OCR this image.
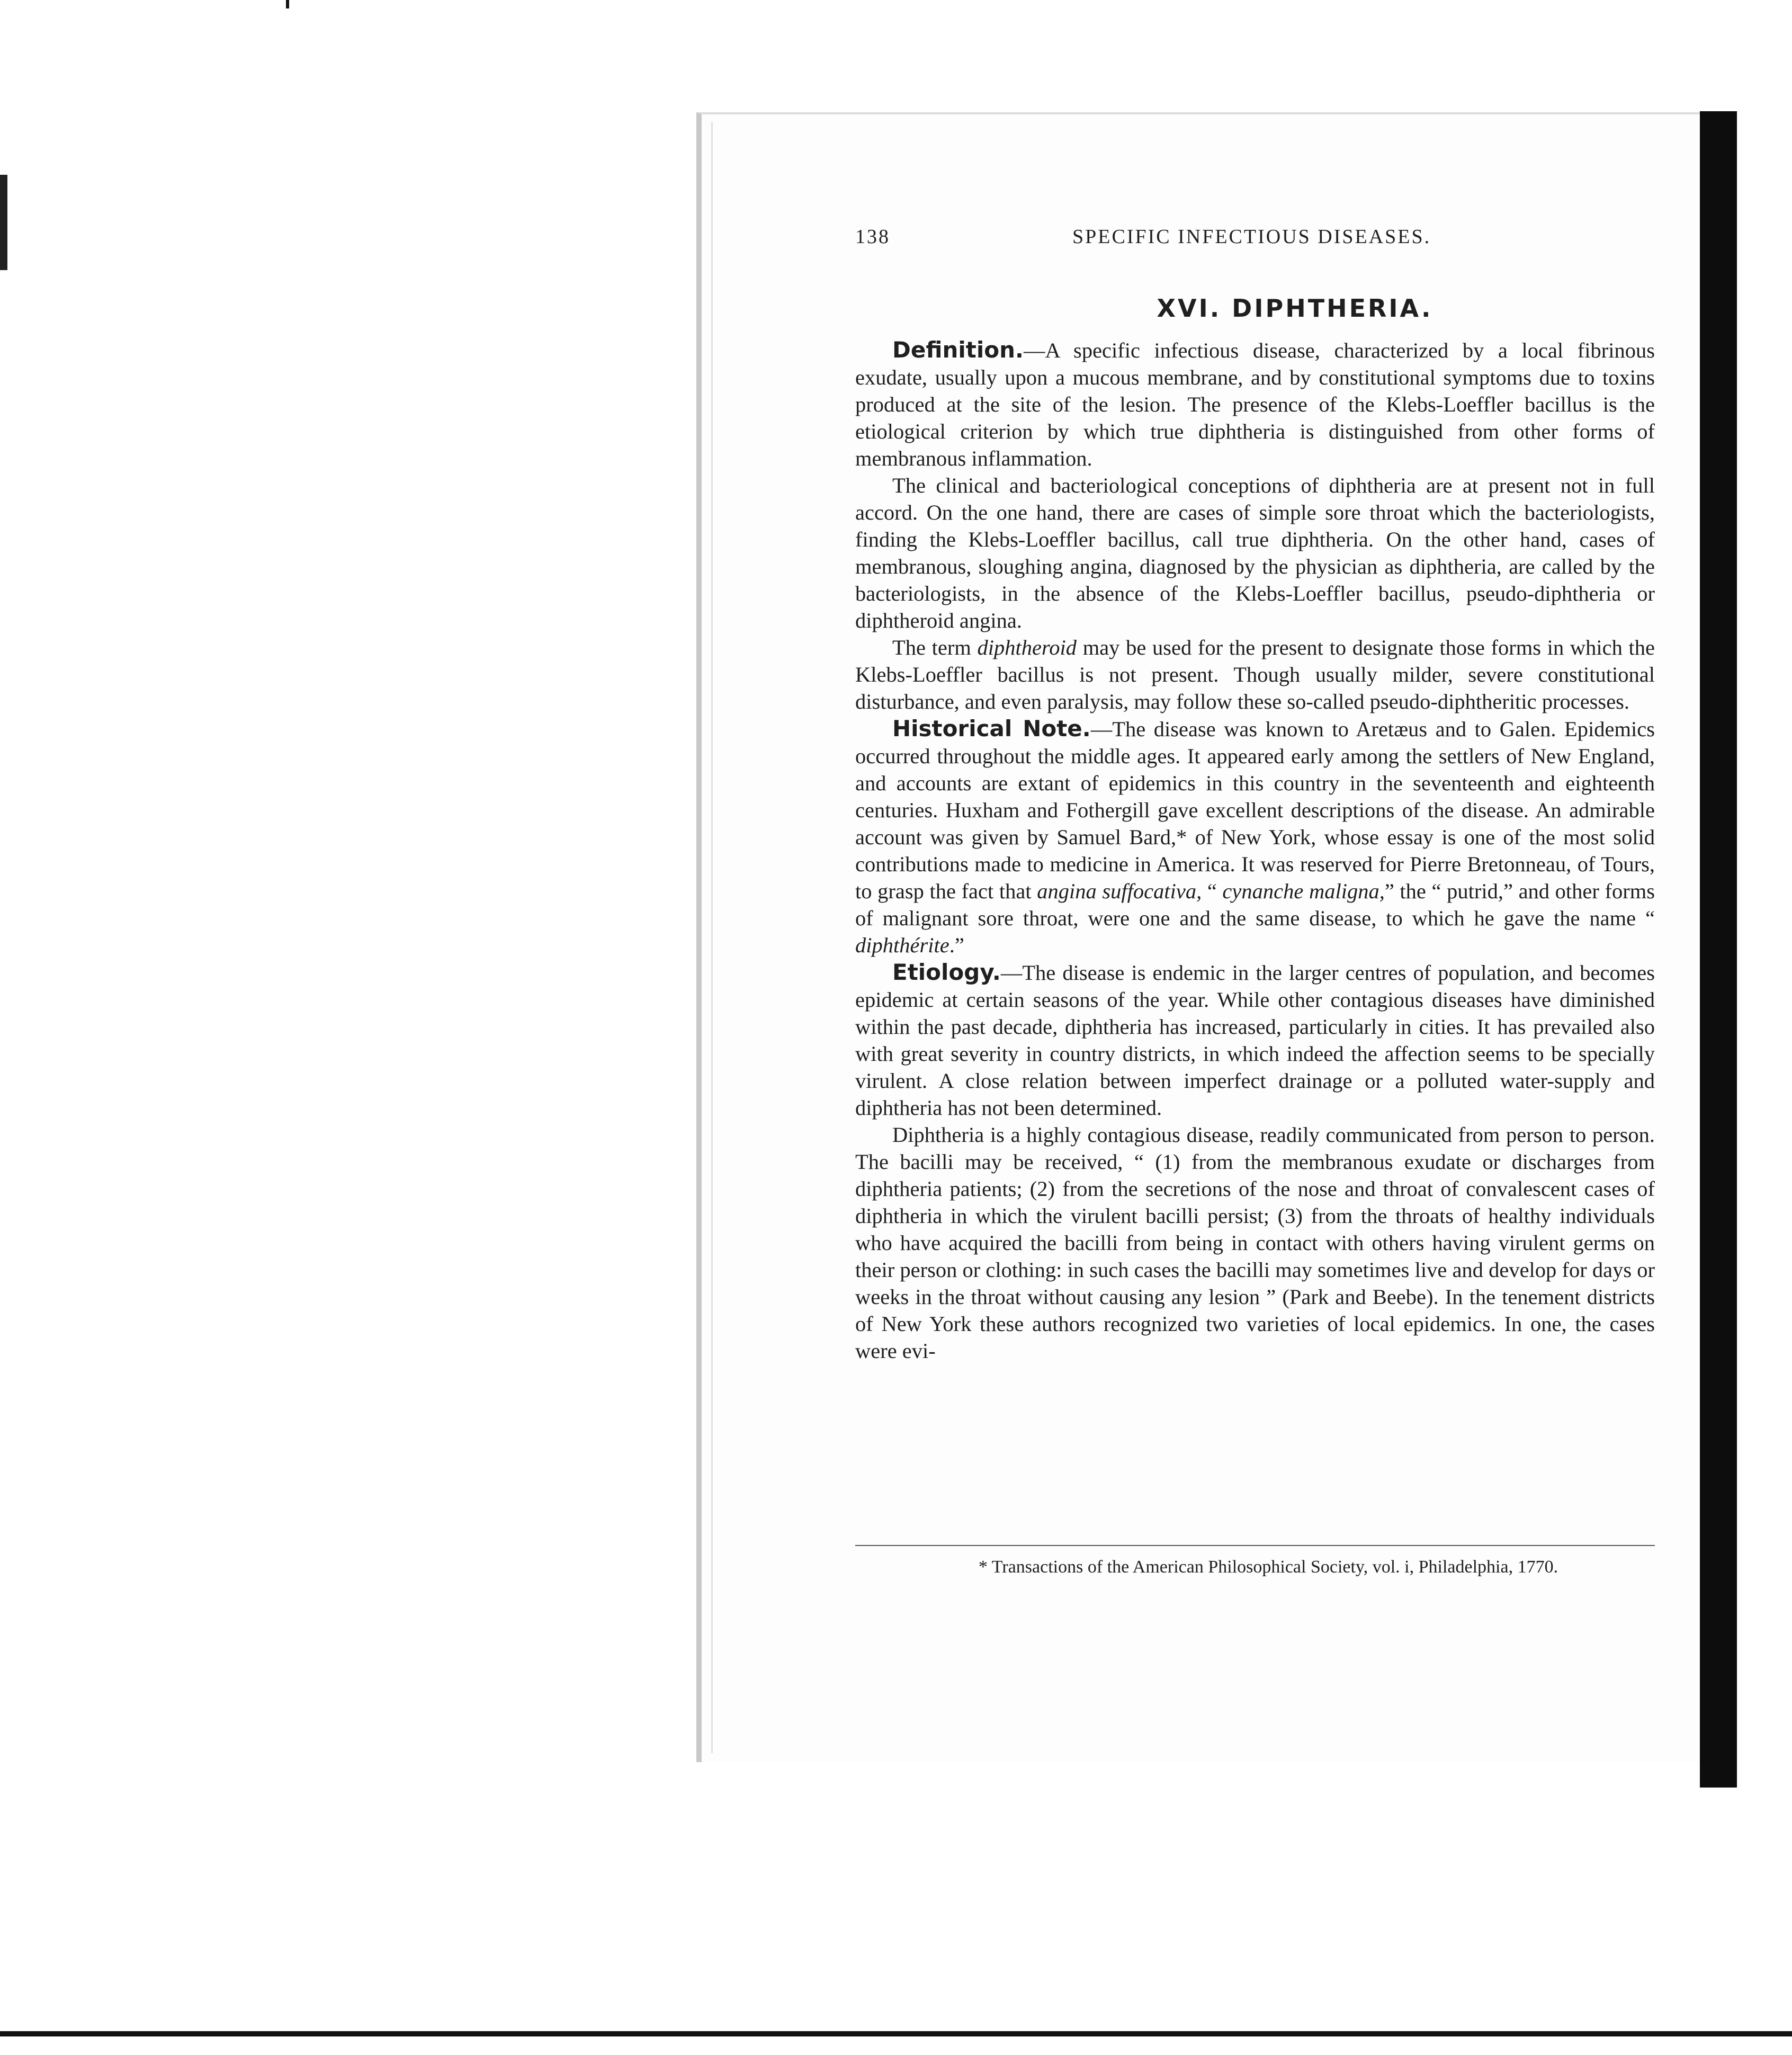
138	SPECIFIC INFECTIOUS DISEASES.
XVI. DIPHTHERIA.

Definition.—A specific infectious disease, characterized by a local fibrinous exudate, usually upon a mucous membrane, and by constitutional symptoms due to toxins produced at the site of the lesion. The presence of the Klebs-Loeffler bacillus is the etiological criterion by which true diphtheria is distinguished from other forms of membranous inflammation.

The clinical and bacteriological conceptions of diphtheria are at present not in full accord. On the one hand, there are cases of simple sore throat which the bacteriologists, finding the Klebs-Loeffler bacillus, call true diphtheria. On the other hand, cases of membranous, sloughing angina, diagnosed by the physician as diphtheria, are called by the bacteriologists, in the absence of the Klebs-Loeffler bacillus, pseudo-diphtheria or diphtheroid angina.

The term diphtheroid may be used for the present to designate those forms in which the Klebs-Loeffler bacillus is not present. Though usually milder, severe constitutional disturbance, and even paralysis, may follow these so-called pseudo-diphtheritic processes.

Historical Note.—The disease was known to Aretæus and to Galen. Epidemics occurred throughout the middle ages. It appeared early among the settlers of New England, and accounts are extant of epidemics in this country in the seventeenth and eighteenth centuries. Huxham and Fothergill gave excellent descriptions of the disease. An admirable account was given by Samuel Bard,* of New York, whose essay is one of the most solid contributions made to medicine in America. It was reserved for Pierre Bretonneau, of Tours, to grasp the fact that angina suffocativa, “ cynanche maligna,” the “ putrid,” and other forms of malignant sore throat, were one and the same disease, to which he gave the name “ diphthérite.”

Etiology.—The disease is endemic in the larger centres of population, and becomes epidemic at certain seasons of the year. While other contagious diseases have diminished within the past decade, diphtheria has increased, particularly in cities. It has prevailed also with great severity in country districts, in which indeed the affection seems to be specially virulent. A close relation between imperfect drainage or a polluted water-supply and diphtheria has not been determined.

Diphtheria is a highly contagious disease, readily communicated from person to person. The bacilli may be received, “ (1) from the membranous exudate or discharges from diphtheria patients; (2) from the secretions of the nose and throat of convalescent cases of diphtheria in which the virulent bacilli persist; (3) from the throats of healthy individuals who have acquired the bacilli from being in contact with others having virulent germs on their person or clothing: in such cases the bacilli may sometimes live and develop for days or weeks in the throat without causing any lesion ” (Park and Beebe). In the tenement districts of New York these authors recognized two varieties of local epidemics. In one, the cases were evi-

* Transactions of the American Philosophical Society, vol. i, Philadelphia, 1770.
